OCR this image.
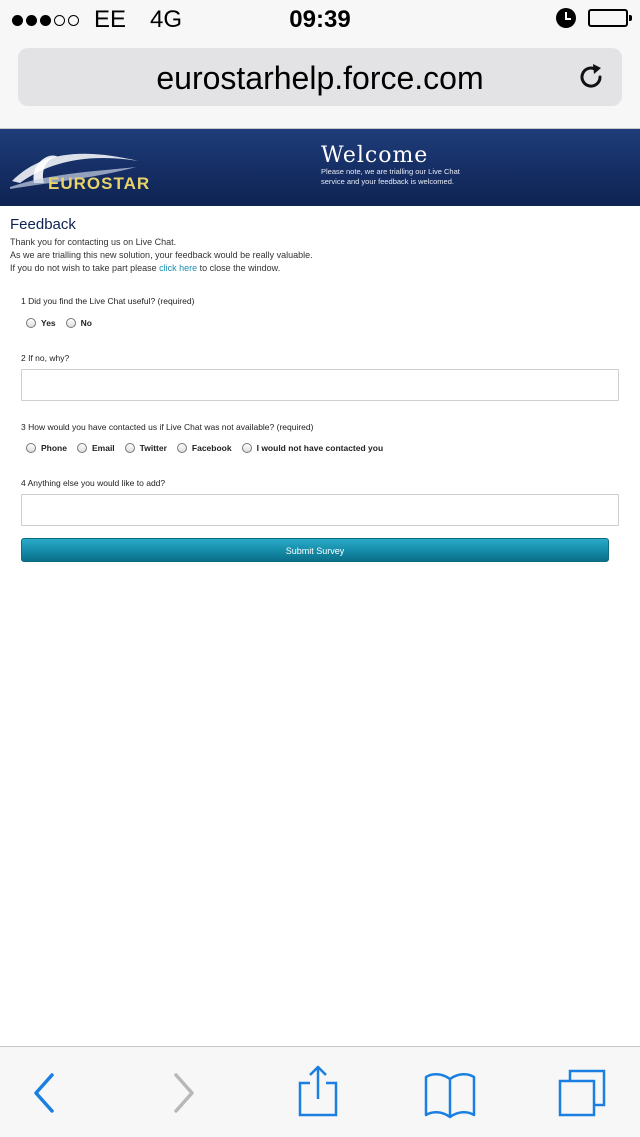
EE 4G	09:39
eurostarhelp.force.com
EUROSTAR
Welcome
Please note, we are trialling our Live Chat service and your feedback is welcomed.
Feedback
Thank you for contacting us on Live Chat.
As we are trialling this new solution, your feedback would be really valuable.
If you do not wish to take part please click here to close the window.
1 Did you find the Live Chat useful? (required)
Yes	No
2 If no, why?
3 How would you have contacted us if Live Chat was not available? (required)
Phone	Email	Twitter	Facebook	I would not have contacted you
4 Anything else you would like to add?
Submit Survey
